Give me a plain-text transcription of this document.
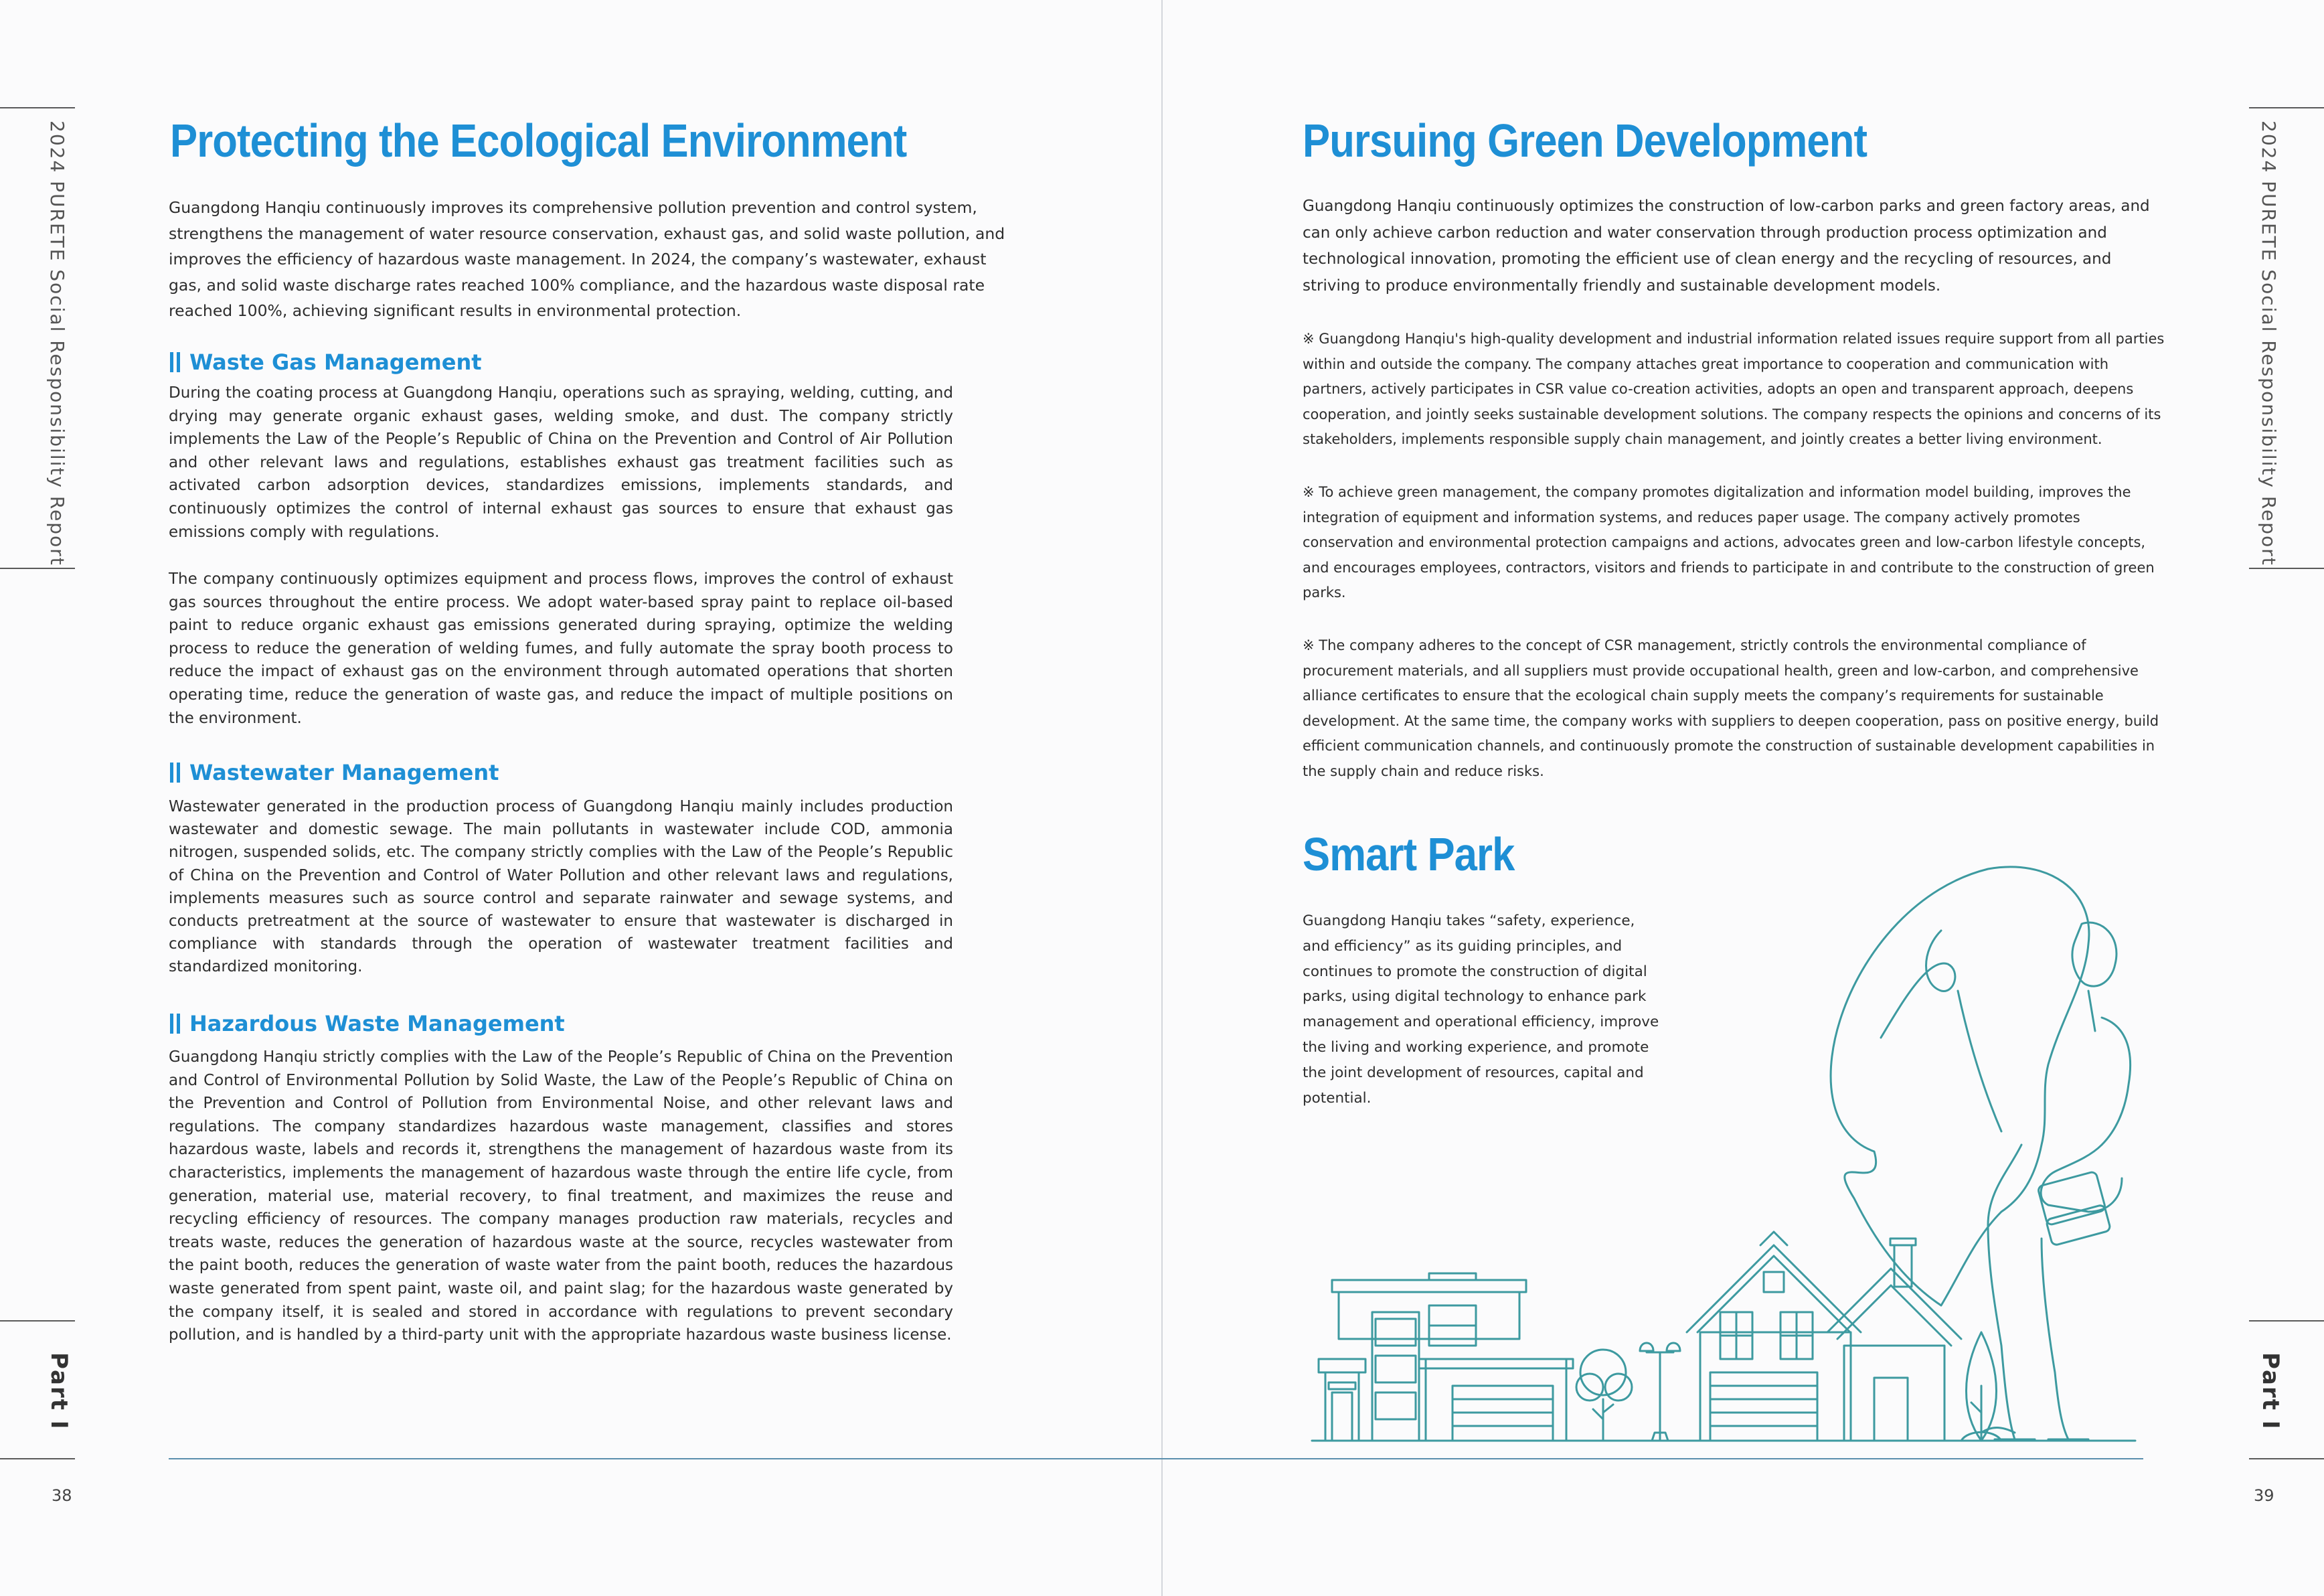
2024 PURETE Social Responsibility Report
Part I
38
2024 PURETE Social Responsibility Report
Part I
39
Protecting the Ecological Environment

Guangdong Hanqiu continuously improves its comprehensive pollution prevention and control system, strengthens the management of water resource conservation, exhaust gas, and solid waste pollution, and improves the efficiency of hazardous waste management. In 2024, the company’s wastewater, exhaust gas, and solid waste discharge rates reached 100% compliance, and the hazardous waste disposal rate reached 100%, achieving significant results in environmental protection.

Waste Gas Management

During the coating process at Guangdong Hanqiu, operations such as spraying, welding, cutting, and drying may generate organic exhaust gases, welding smoke, and dust. The company strictly implements the Law of the People’s Republic of China on the Prevention and Control of Air Pollution and other relevant laws and regulations, establishes exhaust gas treatment facilities such as activated carbon adsorption devices, standardizes emissions, implements standards, and continuously optimizes the control of internal exhaust gas sources to ensure that exhaust gas emissions comply with regulations.

The company continuously optimizes equipment and process flows, improves the control of exhaust gas sources throughout the entire process. We adopt water-based spray paint to replace oil-based paint to reduce organic exhaust gas emissions generated during spraying, optimize the welding process to reduce the generation of welding fumes, and fully automate the spray booth process to reduce the impact of exhaust gas on the environment through automated operations that shorten operating time, reduce the generation of waste gas, and reduce the impact of multiple positions on the environment.

Wastewater Management

Wastewater generated in the production process of Guangdong Hanqiu mainly includes production wastewater and domestic sewage. The main pollutants in wastewater include COD, ammonia nitrogen, suspended solids, etc. The company strictly complies with the Law of the People’s Republic of China on the Prevention and Control of Water Pollution and other relevant laws and regulations, implements measures such as source control and separate rainwater and sewage systems, and conducts pretreatment at the source of wastewater to ensure that wastewater is discharged in compliance with standards through the operation of wastewater treatment facilities and standardized monitoring.

Hazardous Waste Management

Guangdong Hanqiu strictly complies with the Law of the People’s Republic of China on the Prevention and Control of Environmental Pollution by Solid Waste, the Law of the People’s Republic of China on the Prevention and Control of Pollution from Environmental Noise, and other relevant laws and regulations. The company standardizes hazardous waste management, classifies and stores hazardous waste, labels and records it, strengthens the management of hazardous waste from its characteristics, implements the management of hazardous waste through the entire life cycle, from generation, material use, material recovery, to final treatment, and maximizes the reuse and recycling efficiency of resources. The company manages production raw materials, recycles and treats waste, reduces the generation of hazardous waste at the source, recycles wastewater from the paint booth, reduces the generation of waste water from the paint booth, reduces the hazardous waste generated from spent paint, waste oil, and paint slag; for the hazardous waste generated by the company itself, it is sealed and stored in accordance with regulations to prevent secondary pollution, and is handled by a third-party unit with the appropriate hazardous waste business license.

Pursuing Green Development

Guangdong Hanqiu continuously optimizes the construction of low-carbon parks and green factory areas, and can only achieve carbon reduction and water conservation through production process optimization and technological innovation, promoting the efficient use of clean energy and the recycling of resources, and striving to produce environmentally friendly and sustainable development models.

※ Guangdong Hanqiu's high-quality development and industrial information related issues require support from all parties within and outside the company. The company attaches great importance to cooperation and communication with partners, actively participates in CSR value co-creation activities, adopts an open and transparent approach, deepens cooperation, and jointly seeks sustainable development solutions. The company respects the opinions and concerns of its stakeholders, implements responsible supply chain management, and jointly creates a better living environment.

※ To achieve green management, the company promotes digitalization and information model building, improves the integration of equipment and information systems, and reduces paper usage. The company actively promotes conservation and environmental protection campaigns and actions, advocates green and low-carbon lifestyle concepts, and encourages employees, contractors, visitors and friends to participate in and contribute to the construction of green parks.

※ The company adheres to the concept of CSR management, strictly controls the environmental compliance of procurement materials, and all suppliers must provide occupational health, green and low-carbon, and comprehensive alliance certificates to ensure that the ecological chain supply meets the company’s requirements for sustainable development. At the same time, the company works with suppliers to deepen cooperation, pass on positive energy, build efficient communication channels, and continuously promote the construction of sustainable development capabilities in the supply chain and reduce risks.

Smart Park

Guangdong Hanqiu takes “safety, experience, and efficiency” as its guiding principles, and continues to promote the construction of digital parks, using digital technology to enhance park management and operational efficiency, improve the living and working experience, and promote the joint development of resources, capital and potential.
